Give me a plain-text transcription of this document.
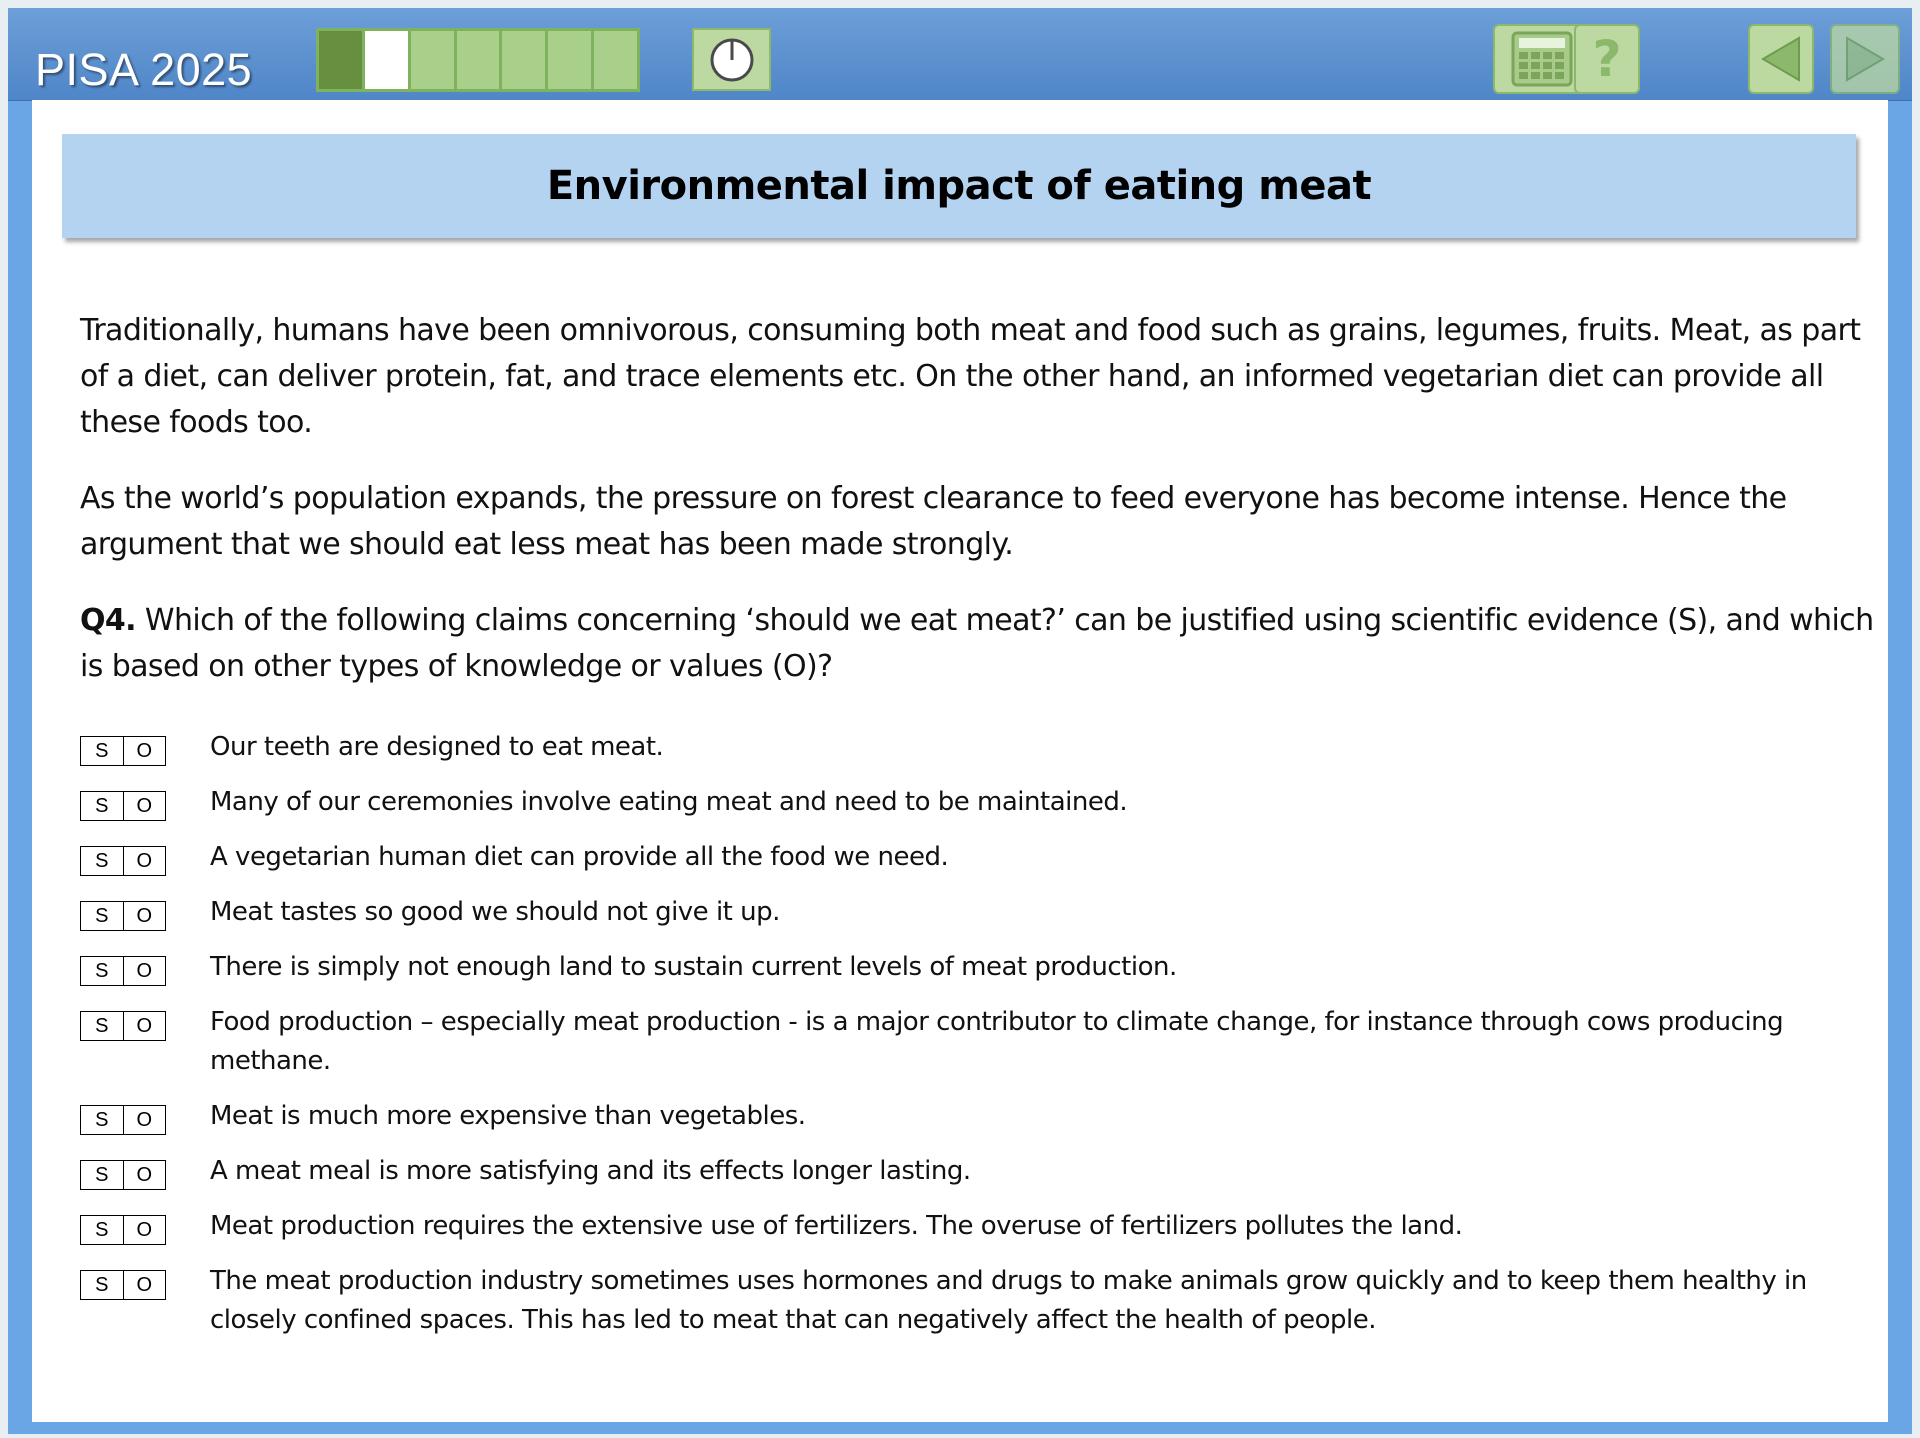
PISA 2025	?
Environmental impact of eating meat
Traditionally, humans have been omnivorous, consuming both meat and food such as grains, legumes, fruits. Meat, as part of a diet, can deliver protein, fat, and trace elements etc. On the other hand, an informed vegetarian diet can provide all these foods too.
As the world’s population expands, the pressure on forest clearance to feed everyone has become intense. Hence the argument that we should eat less meat has been made strongly.
Q4. Which of the following claims concerning ‘should we eat meat?’ can be justified using scientific evidence (S), and which is based on other types of knowledge or values (O)?
S	O	Our teeth are designed to eat meat.
S	O	Many of our ceremonies involve eating meat and need to be maintained.
S	O	A vegetarian human diet can provide all the food we need.
S	O	Meat tastes so good we should not give it up.
S	O	There is simply not enough land to sustain current levels of meat production.
S	O	Food production – especially meat production - is a major contributor to climate change, for instance through cows producing methane.
S	O	Meat is much more expensive than vegetables.
S	O	A meat meal is more satisfying and its effects longer lasting.
S	O	Meat production requires the extensive use of fertilizers. The overuse of fertilizers pollutes the land.
S	O	The meat production industry sometimes uses hormones and drugs to make animals grow quickly and to keep them healthy in closely confined spaces. This has led to meat that can negatively affect the health of people.
